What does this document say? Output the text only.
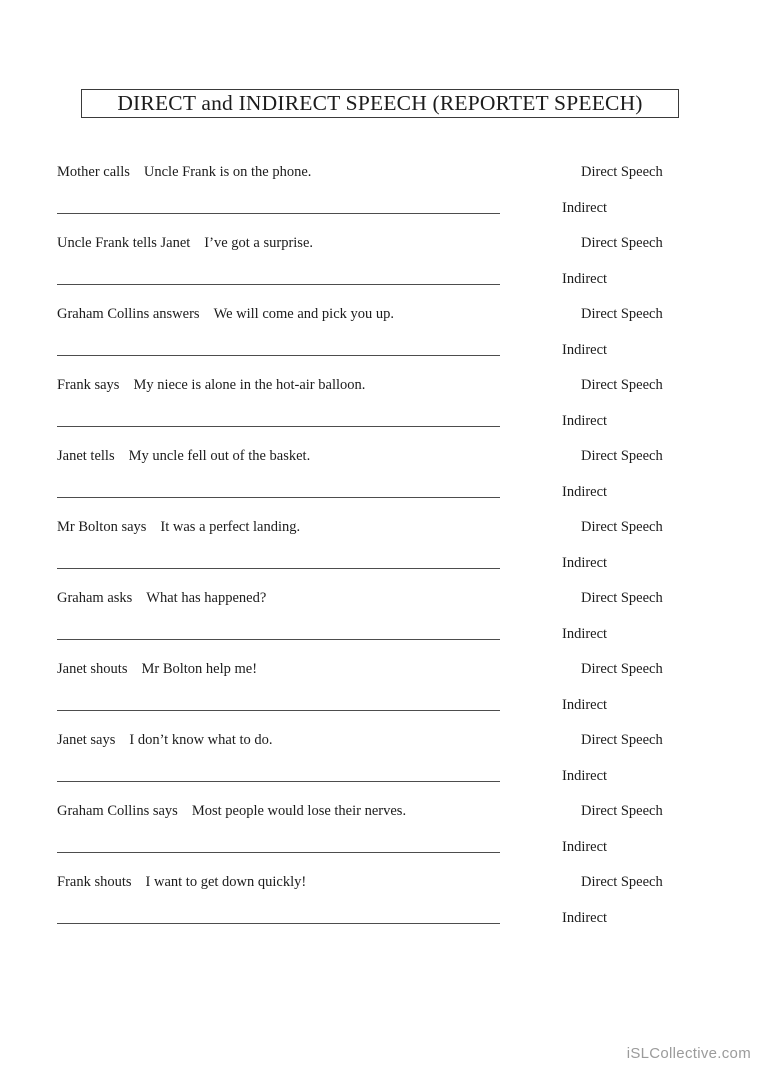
DIRECT and INDIRECT SPEECH (REPORTET SPEECH)
Mother calls Uncle Frank is on the phone.	Direct Speech
Indirect
Uncle Frank tells Janet I’ve got a surprise.	Direct Speech
Indirect
Graham Collins answers We will come and pick you up.	Direct Speech
Indirect
Frank says My niece is alone in the hot-air balloon.	Direct Speech
Indirect
Janet tells My uncle fell out of the basket.	Direct Speech
Indirect
Mr Bolton says It was a perfect landing.	Direct Speech
Indirect
Graham asks What has happened?	Direct Speech
Indirect
Janet shouts Mr Bolton help me!	Direct Speech
Indirect
Janet says I don’t know what to do.	Direct Speech
Indirect
Graham Collins says Most people would lose their nerves.	Direct Speech
Indirect
Frank shouts I want to get down quickly!	Direct Speech
Indirect
iSLCollective.com
